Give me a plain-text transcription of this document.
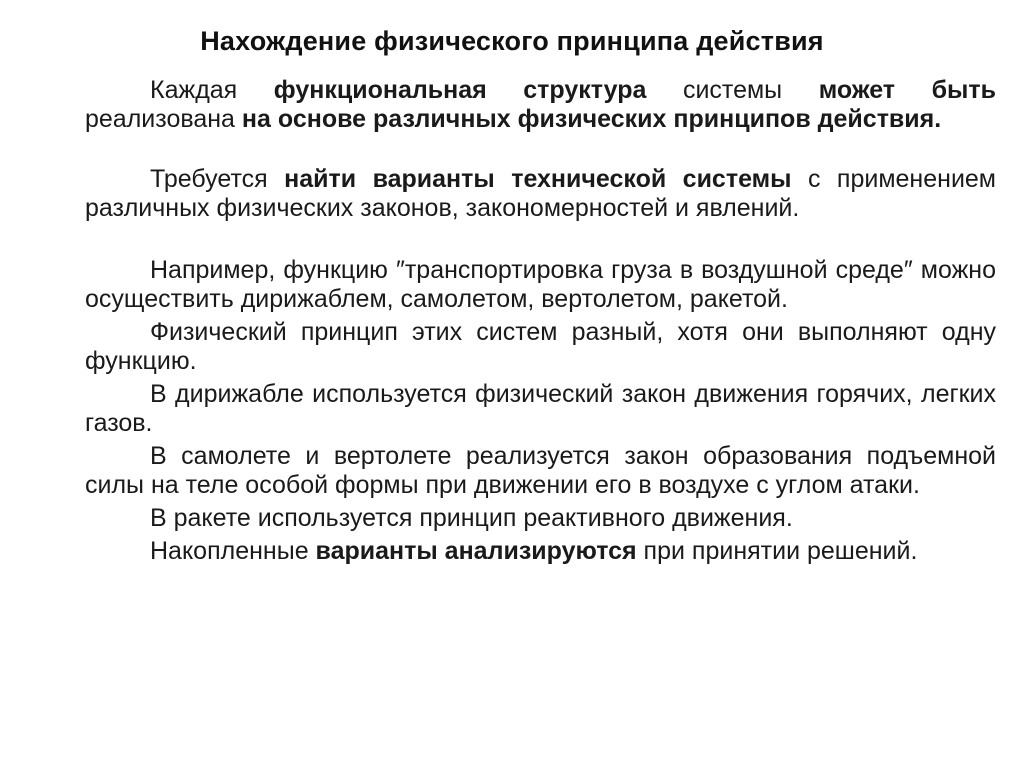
Нахождение физического принципа действия

Каждая функциональная структура системы может быть реализована на основе различных физических принципов действия.

Требуется найти варианты технической системы с применением различных физических законов, закономерностей и явлений.

Например, функцию ″транспортировка груза в воздушной среде″ можно осуществить дирижаблем, самолетом, вертолетом, ракетой.

Физический принцип этих систем разный, хотя они выполняют одну функцию.

В дирижабле используется физический закон движения горячих, легких газов.

В самолете и вертолете реализуется закон образования подъемной силы на теле особой формы при движении его в воздухе с углом атаки.

В ракете используется принцип реактивного движения.

Накопленные варианты анализируются при принятии решений.
